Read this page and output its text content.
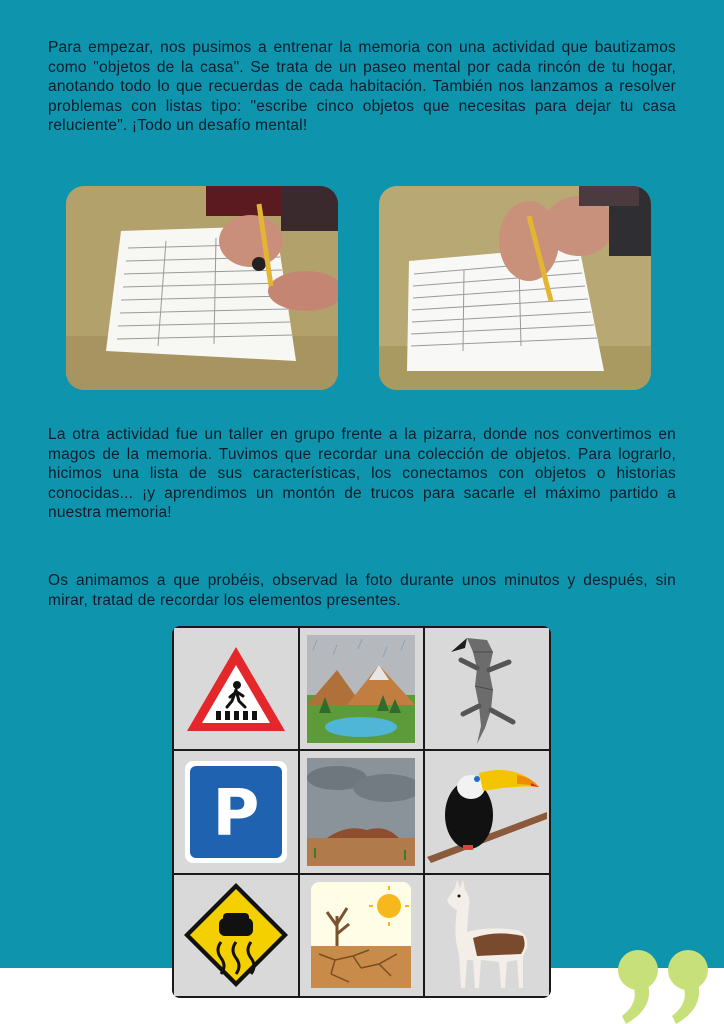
Para empezar, nos pusimos a entrenar la memoria con una actividad que bautizamos como "objetos de la casa". Se trata de un paseo mental por cada rincón de tu hogar, anotando todo lo que recuerdas de cada habitación. También nos lanzamos a resolver problemas con listas tipo: "escribe cinco objetos que necesitas para dejar tu casa reluciente". ¡Todo un desafío mental!

La otra actividad fue un taller en grupo frente a la pizarra, donde nos convertimos en magos de la memoria. Tuvimos que recordar una colección de objetos. Para lograrlo, hicimos una lista de sus características, los conectamos con objetos o historias conocidas... ¡y aprendimos un montón de trucos para sacarle el máximo partido a nuestra memoria!

Os animamos a que probéis, observad la foto durante unos minutos y después, sin mirar, tratad de recordar los elementos presentes.

P
